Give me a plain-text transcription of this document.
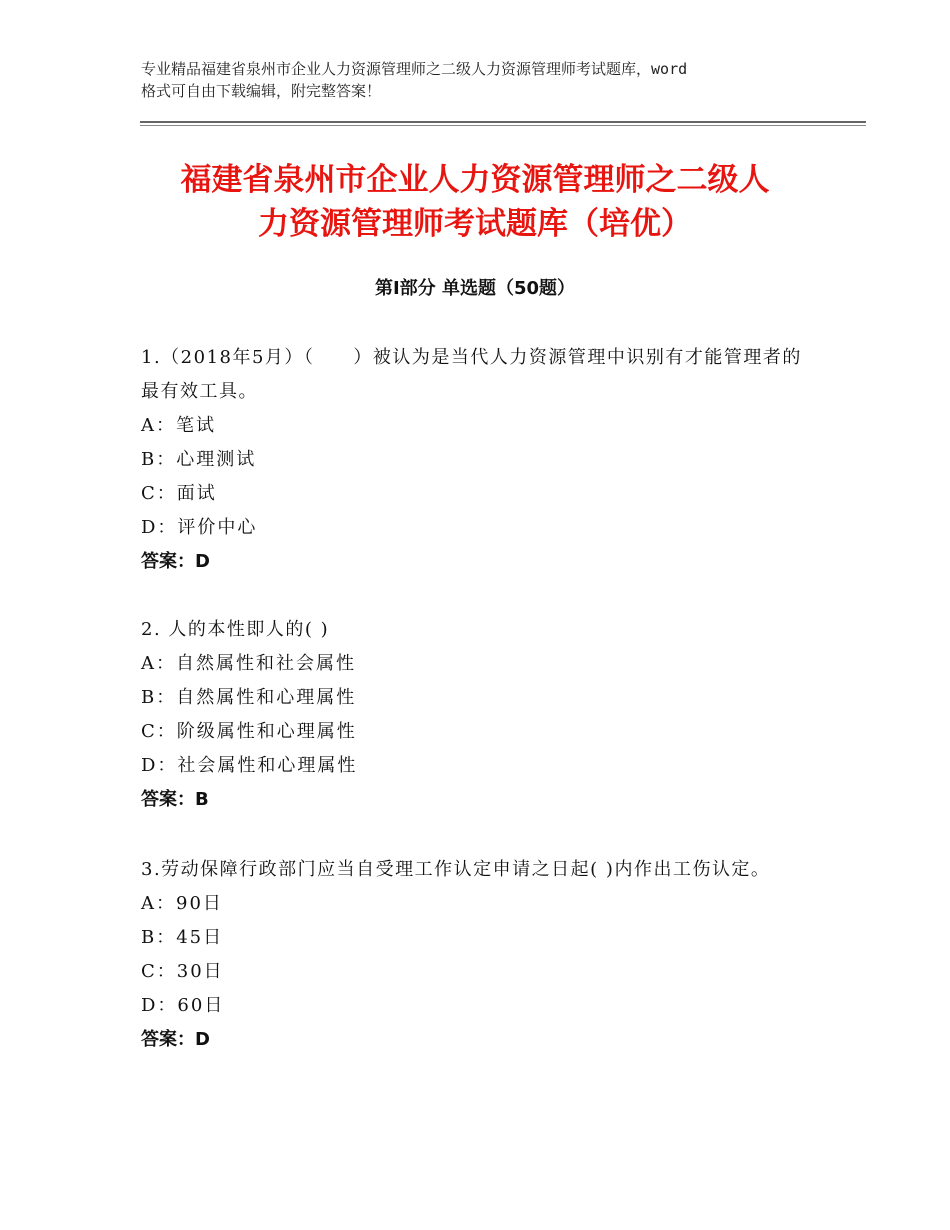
专业精品福建省泉州市企业人力资源管理师之二级人力资源管理师考试题库，word
格式可自由下载编辑，附完整答案！
福建省泉州市企业人力资源管理师之二级人
力资源管理师考试题库（培优）
第Ⅰ部分 单选题（50题）
1.（2018年5月）（　　）被认为是当代人力资源管理中识别有才能管理者的最有效工具。
A：笔试
B：心理测试
C：面试
D：评价中心
答案：D
2. 人的本性即人的( )
A：自然属性和社会属性
B：自然属性和心理属性
C：阶级属性和心理属性
D：社会属性和心理属性
答案：B
3.劳动保障行政部门应当自受理工作认定申请之日起( )内作出工伤认定。
A：90日
B：45日
C：30日
D：60日
答案：D
